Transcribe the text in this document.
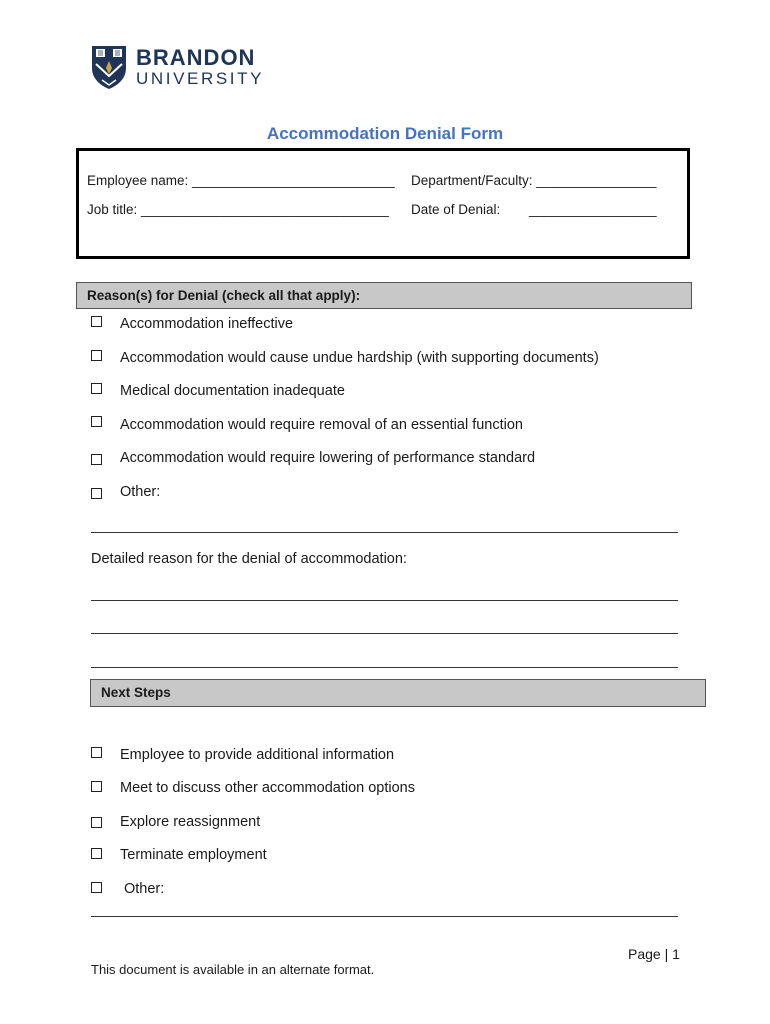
BRANDON
UNIVERSITY
Accommodation Denial Form
Employee name: ___________________________ Department/Faculty: ________________
Job title: _________________________________ Date of Denial: _________________
Reason(s) for Denial (check all that apply):
Accommodation ineffective
Accommodation would cause undue hardship (with supporting documents)
Medical documentation inadequate
Accommodation would require removal of an essential function
Accommodation would require lowering of performance standard
Other:
Detailed reason for the denial of accommodation:
Next Steps
Employee to provide additional information
Meet to discuss other accommodation options
Explore reassignment
Terminate employment
Other:
Page | 1
This document is available in an alternate format.
